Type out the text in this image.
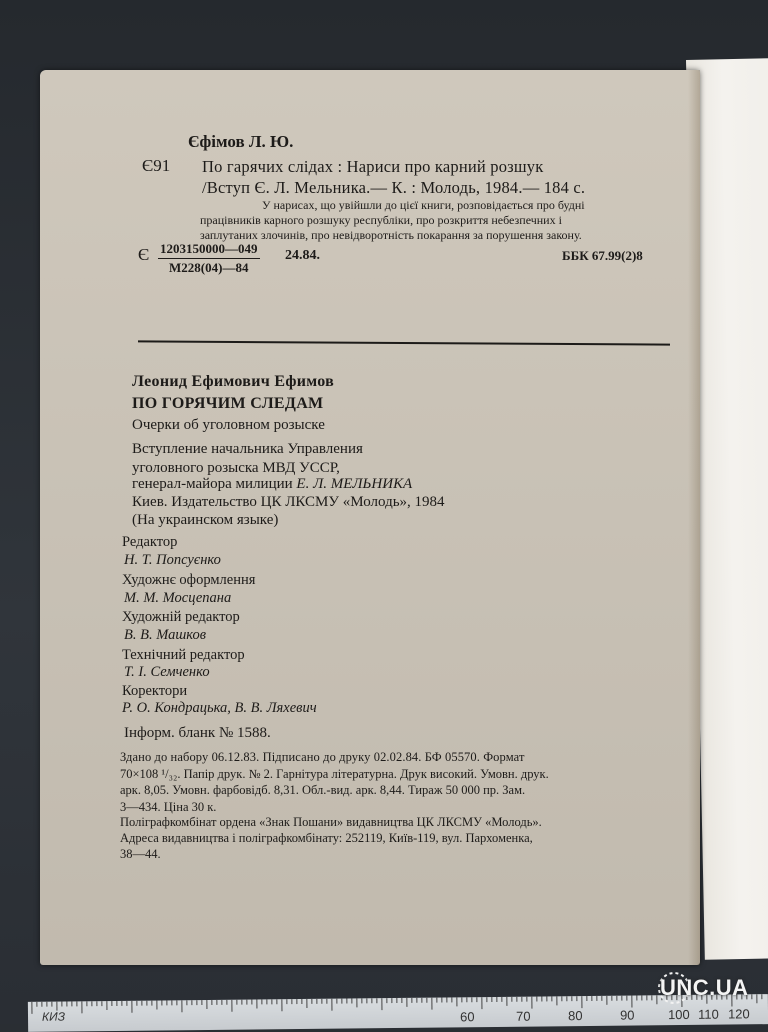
Єфімов Л. Ю.
Є91 По гарячих слідах : Нариси про карний розшук
/Вступ Є. Л. Мельника.— К. : Молодь, 1984.— 184 с.
У нарисах, що увійшли до цієї книги, розповідається про будні
працівників карного розшуку республіки, про розкриття небезпечних і
заплутаних злочинів, про невідворотність покарання за порушення закону.
Є 1203150000—049
М228(04)—84
24.84.	ББК 67.99(2)8
Леонид Ефимович Ефимов
ПО ГОРЯЧИМ СЛЕДАМ
Очерки об уголовном розыске
Вступление начальника Управления
уголовного розыска МВД УССР,
генерал-майора милиции Е. Л. МЕЛЬНИКА
Киев. Издательство ЦК ЛКСМУ «Молодь», 1984
(На украинском языке)
Редактор
Н. Т. Попсуєнко
Художнє оформлення
М. М. Мосцепана
Художній редактор
В. В. Машков
Технічний редактор
Т. І. Семченко
Коректори
Р. О. Кондрацька, В. В. Ляхевич
Інформ. бланк № 1588.
Здано до набору 06.12.83. Підписано до друку 02.02.84. БФ 05570. Формат
70×108 ¹/₃₂. Папір друк. № 2. Гарнітура літературна. Друк високий. Умовн. друк.
арк. 8,05. Умовн. фарбовідб. 8,31. Обл.-вид. арк. 8,44. Тираж 50 000 пр. Зам.
3—434. Ціна 30 к.
Поліграфкомбінат ордена «Знак Пошани» видавництва ЦК ЛКСМУ «Молодь».
Адреса видавництва і поліграфкомбінату: 252119, Київ-119, вул. Пархоменка,
38—44.
КИЗ	60	70	80	90	100 110 120
UNC.UA
